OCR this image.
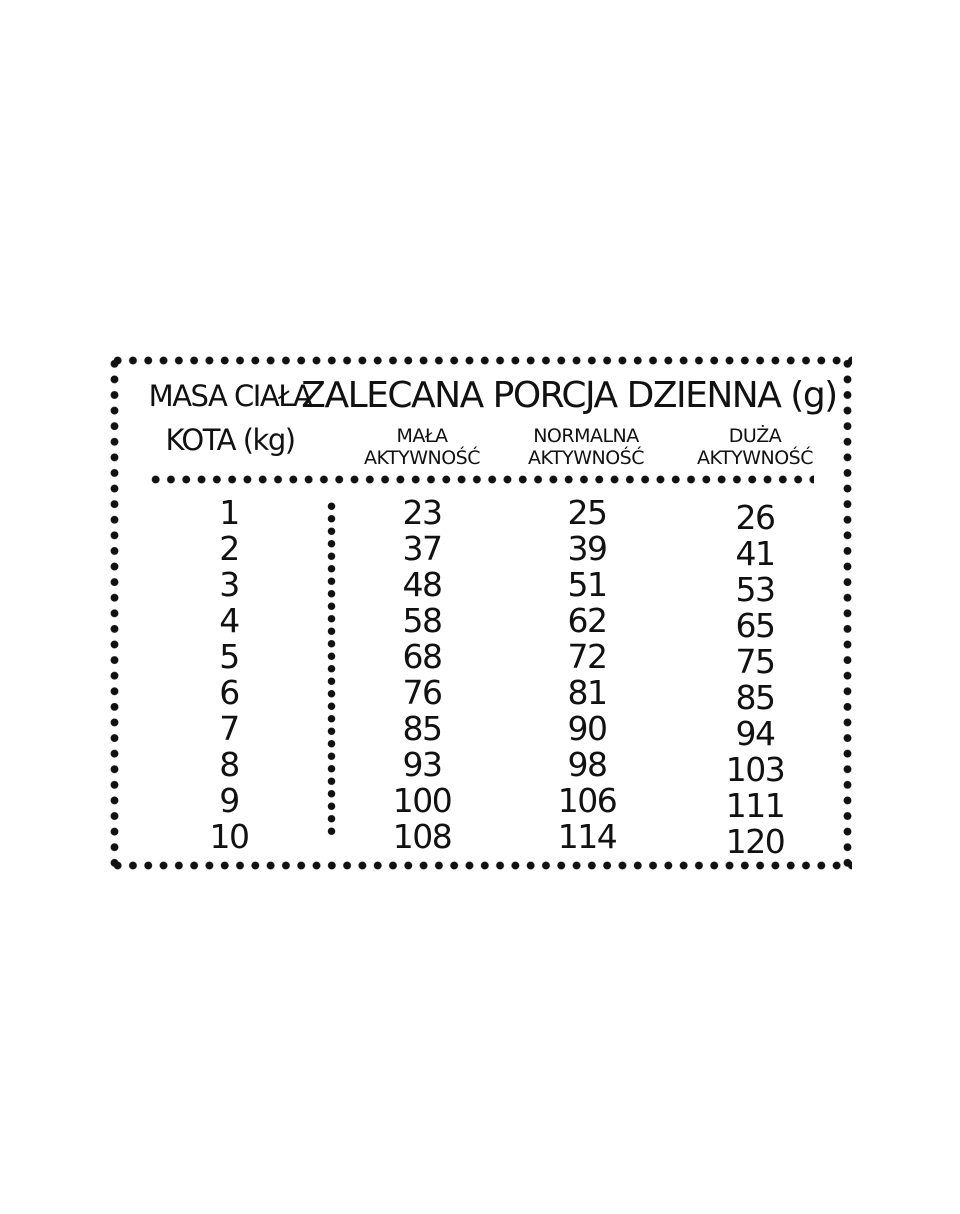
MASA CIAŁA
KOTA (kg)
ZALECANA PORCJA DZIENNA (g)
MAŁA
AKTYWNOŚĆ
NORMALNA
AKTYWNOŚĆ
DUŻA
AKTYWNOŚĆ
1
2
3
4
5
6
7
8
9
10
23
37
48
58
68
76
85
93
100
108
25
39
51
62
72
81
90
98
106
114
26
41
53
65
75
85
94
103
111
120
